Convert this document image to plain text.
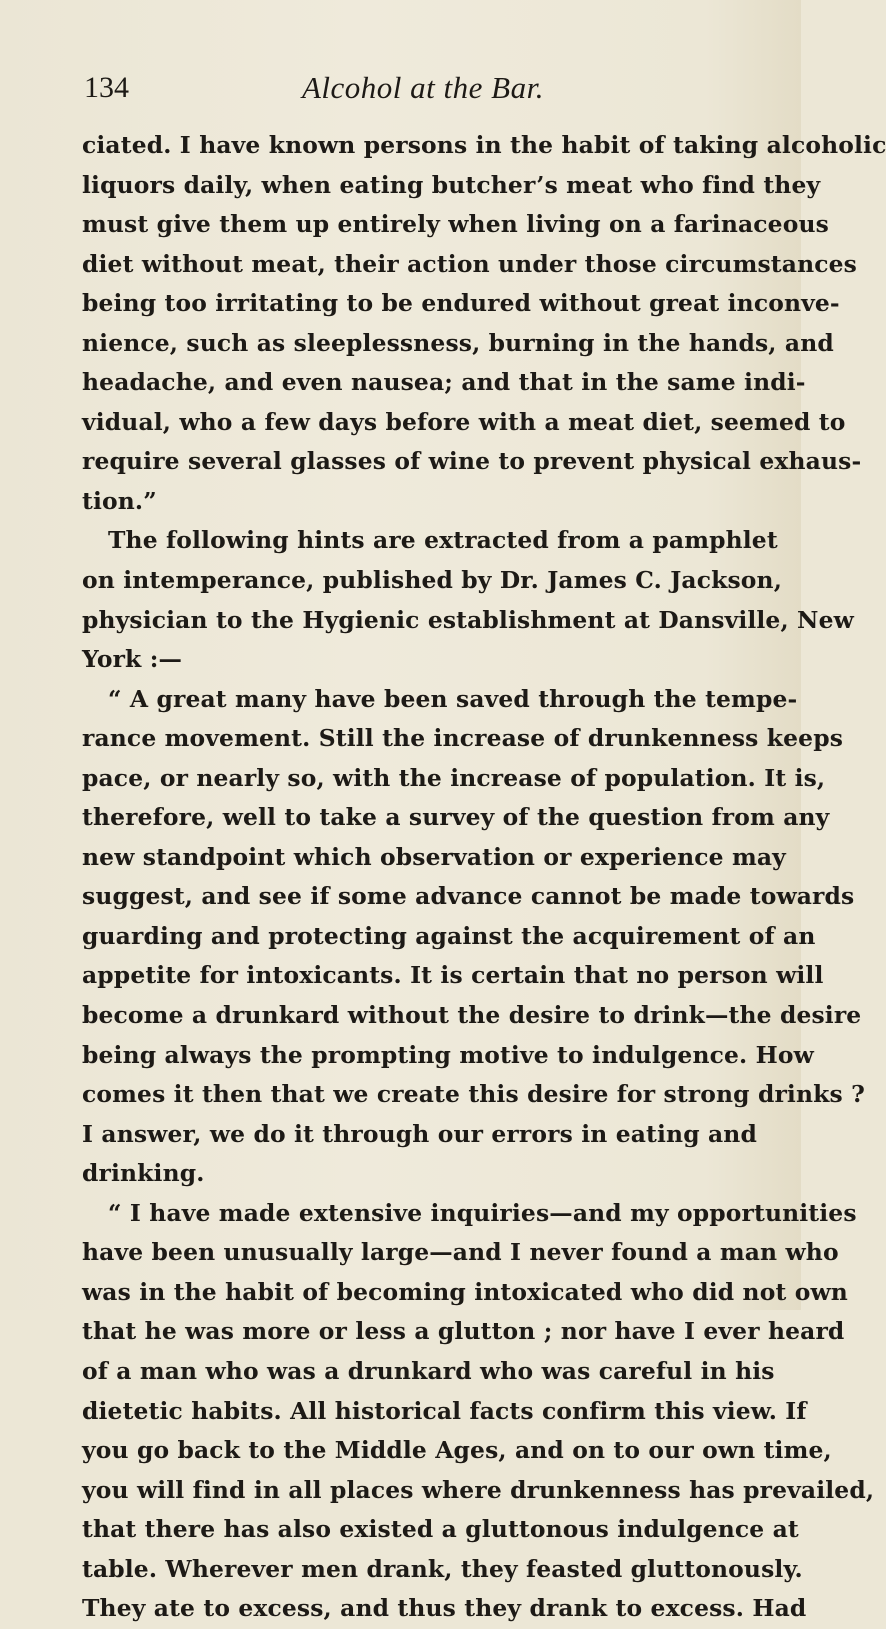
134	Alcohol at the Bar.
ciated. I have known persons in the habit of taking alcoholic
liquors daily, when eating butcher’s meat who find they
must give them up entirely when living on a farinaceous
diet without meat, their action under those circumstances
being too irritating to be endured without great inconve-
nience, such as sleeplessness, burning in the hands, and
headache, and even nausea; and that in the same indi-
vidual, who a few days before with a meat diet, seemed to
require several glasses of wine to prevent physical exhaus-
tion.”
The following hints are extracted from a pamphlet
on intemperance, published by Dr. James C. Jackson,
physician to the Hygienic establishment at Dansville, New
York :—
“ A great many have been saved through the tempe-
rance movement. Still the increase of drunkenness keeps
pace, or nearly so, with the increase of population. It is,
therefore, well to take a survey of the question from any
new standpoint which observation or experience may
suggest, and see if some advance cannot be made towards
guarding and protecting against the acquirement of an
appetite for intoxicants. It is certain that no person will
become a drunkard without the desire to drink—the desire
being always the prompting motive to indulgence. How
comes it then that we create this desire for strong drinks ?
I answer, we do it through our errors in eating and
drinking.
“ I have made extensive inquiries—and my opportunities
have been unusually large—and I never found a man who
was in the habit of becoming intoxicated who did not own
that he was more or less a glutton ; nor have I ever heard
of a man who was a drunkard who was careful in his
dietetic habits. All historical facts confirm this view. If
you go back to the Middle Ages, and on to our own time,
you will find in all places where drunkenness has prevailed,
that there has also existed a gluttonous indulgence at
table. Wherever men drank, they feasted gluttonously.
They ate to excess, and thus they drank to excess. Had
